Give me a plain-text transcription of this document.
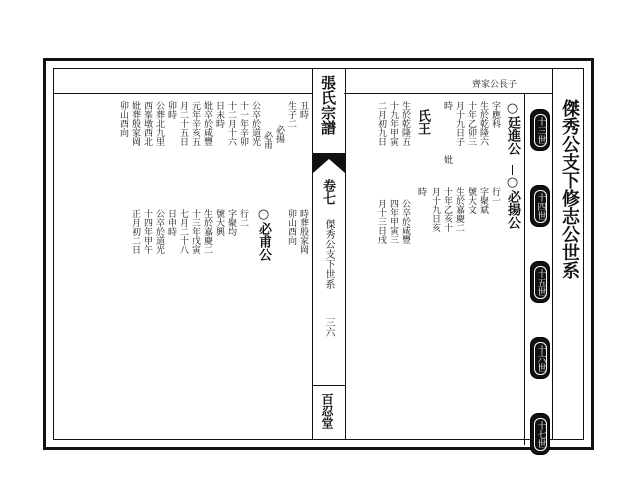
丑時
生子二
必揚
必甫
公卒於道光
十一年辛卯
十二月十六
日未時
妣卒於咸豐
元年辛亥五
月二十五日
卯時
公葬北九里
西峯墩西北
妣葬殷家岡
卯山酉向
時葬殷家岡
卯山酉向
○必甫公
行二
字聚均
號大興
生於嘉慶二
十三年戊寅
七月二十八
日申時
公卒於道光
十四年甲午
正月初二日
張氏宗譜
卷七
傑秀公支下世系
三六
百忍堂
齊家公長子
傑秀公支下修志公世系
十三世
十四世
十五世
十六世
十七世
○廷進公
字應科
生於乾隆六
十年乙卯三
月十九日子
時
妣
氏王
生於乾隆五
十九年甲寅
二月初九日
○必揚公
行一
字聚斌
號大文
生於嘉慶二
十年乙亥十
月十九日亥
時
公卒於咸豐
四年甲寅三
月十三日戌
